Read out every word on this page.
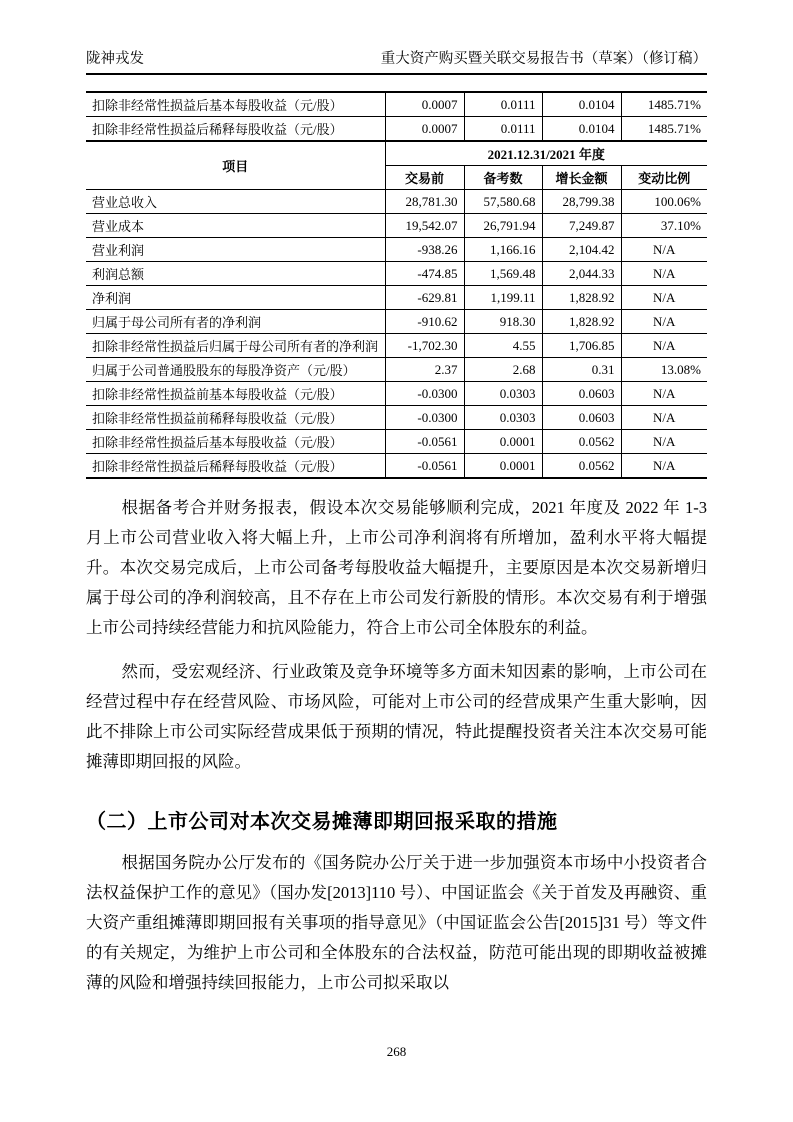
陇神戎发	重大资产购买暨关联交易报告书（草案）（修订稿）
扣除非经常性损益后基本每股收益（元/股）	0.0007	0.0111	0.0104	1485.71%
扣除非经常性损益后稀释每股收益（元/股）	0.0007	0.0111	0.0104	1485.71%
项目	2021.12.31/2021 年度			
	交易前	备考数	增长金额	变动比例
营业总收入	28,781.30	57,580.68	28,799.38	100.06%
营业成本	19,542.07	26,791.94	7,249.87	37.10%
营业利润	-938.26	1,166.16	2,104.42	N/A
利润总额	-474.85	1,569.48	2,044.33	N/A
净利润	-629.81	1,199.11	1,828.92	N/A
归属于母公司所有者的净利润	-910.62	918.30	1,828.92	N/A
扣除非经常性损益后归属于母公司所有者的净利润	-1,702.30	4.55	1,706.85	N/A
归属于公司普通股股东的每股净资产（元/股）	2.37	2.68	0.31	13.08%
扣除非经常性损益前基本每股收益（元/股）	-0.0300	0.0303	0.0603	N/A
扣除非经常性损益前稀释每股收益（元/股）	-0.0300	0.0303	0.0603	N/A
扣除非经常性损益后基本每股收益（元/股）	-0.0561	0.0001	0.0562	N/A
扣除非经常性损益后稀释每股收益（元/股）	-0.0561	0.0001	0.0562	N/A

根据备考合并财务报表，假设本次交易能够顺利完成，2021 年度及 2022 年 1-3 月上市公司营业收入将大幅上升，上市公司净利润将有所增加，盈利水平将大幅提升。本次交易完成后，上市公司备考每股收益大幅提升，主要原因是本次交易新增归属于母公司的净利润较高，且不存在上市公司发行新股的情形。本次交易有利于增强上市公司持续经营能力和抗风险能力，符合上市公司全体股东的利益。

然而，受宏观经济、行业政策及竞争环境等多方面未知因素的影响，上市公司在经营过程中存在经营风险、市场风险，可能对上市公司的经营成果产生重大影响，因此不排除上市公司实际经营成果低于预期的情况，特此提醒投资者关注本次交易可能摊薄即期回报的风险。

（二）上市公司对本次交易摊薄即期回报采取的措施

根据国务院办公厅发布的《国务院办公厅关于进一步加强资本市场中小投资者合法权益保护工作的意见》（国办发[2013]110 号）、中国证监会《关于首发及再融资、重大资产重组摊薄即期回报有关事项的指导意见》（中国证监会公告[2015]31 号）等文件的有关规定，为维护上市公司和全体股东的合法权益，防范可能出现的即期收益被摊薄的风险和增强持续回报能力，上市公司拟采取以

268
